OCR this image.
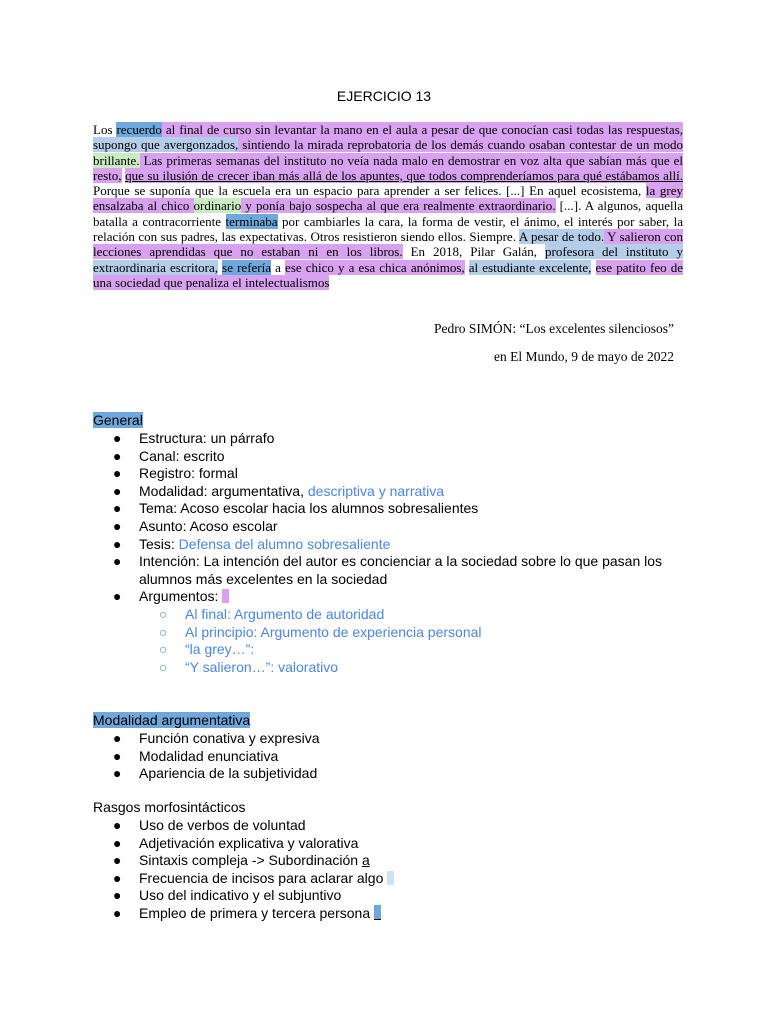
EJERCICIO 13
Los recuerdo al final de curso sin levantar la mano en el aula a pesar de que conocían casi todas las respuestas, supongo que avergonzados, sintiendo la mirada reprobatoria de los demás cuando osaban contestar de un modo brillante. Las primeras semanas del instituto no veía nada malo en demostrar en voz alta que sabían más que el resto, que su ilusión de crecer iban más allá de los apuntes, que todos comprenderíamos para qué estábamos allí. Porque se suponía que la escuela era un espacio para aprender a ser felices. [...] En aquel ecosistema, la grey ensalzaba al chico ordinario y ponía bajo sospecha al que era realmente extraordinario. [...]. A algunos, aquella batalla a contracorriente terminaba por cambiarles la cara, la forma de vestir, el ánimo, el interés por saber, la relación con sus padres, las expectativas. Otros resistieron siendo ellos. Siempre. A pesar de todo. Y salieron con lecciones aprendidas que no estaban ni en los libros. En 2018, Pilar Galán, profesora del instituto y extraordinaria escritora, se refería a ese chico y a esa chica anónimos, al estudiante excelente, ese patito feo de una sociedad que penaliza el intelectualismos
Pedro SIMÓN: “Los excelentes silenciosos”
en El Mundo, 9 de mayo de 2022
General
● Estructura: un párrafo
● Canal: escrito
● Registro: formal
● Modalidad: argumentativa, descriptiva y narrativa
● Tema: Acoso escolar hacia los alumnos sobresalientes
● Asunto: Acoso escolar
● Tesis: Defensa del alumno sobresaliente
● Intención: La intención del autor es concienciar a la sociedad sobre lo que pasan los alumnos más excelentes en la sociedad
● Argumentos:
○ Al final: Argumento de autoridad
○ Al principio: Argumento de experiencia personal
○ “la grey…”:
○ “Y salieron…”: valorativo
Modalidad argumentativa
● Función conativa y expresiva
● Modalidad enunciativa
● Apariencia de la subjetividad
Rasgos morfosintácticos
● Uso de verbos de voluntad
● Adjetivación explicativa y valorativa
● Sintaxis compleja -> Subordinación a
● Frecuencia de incisos para aclarar algo
● Uso del indicativo y el subjuntivo
● Empleo de primera y tercera persona
